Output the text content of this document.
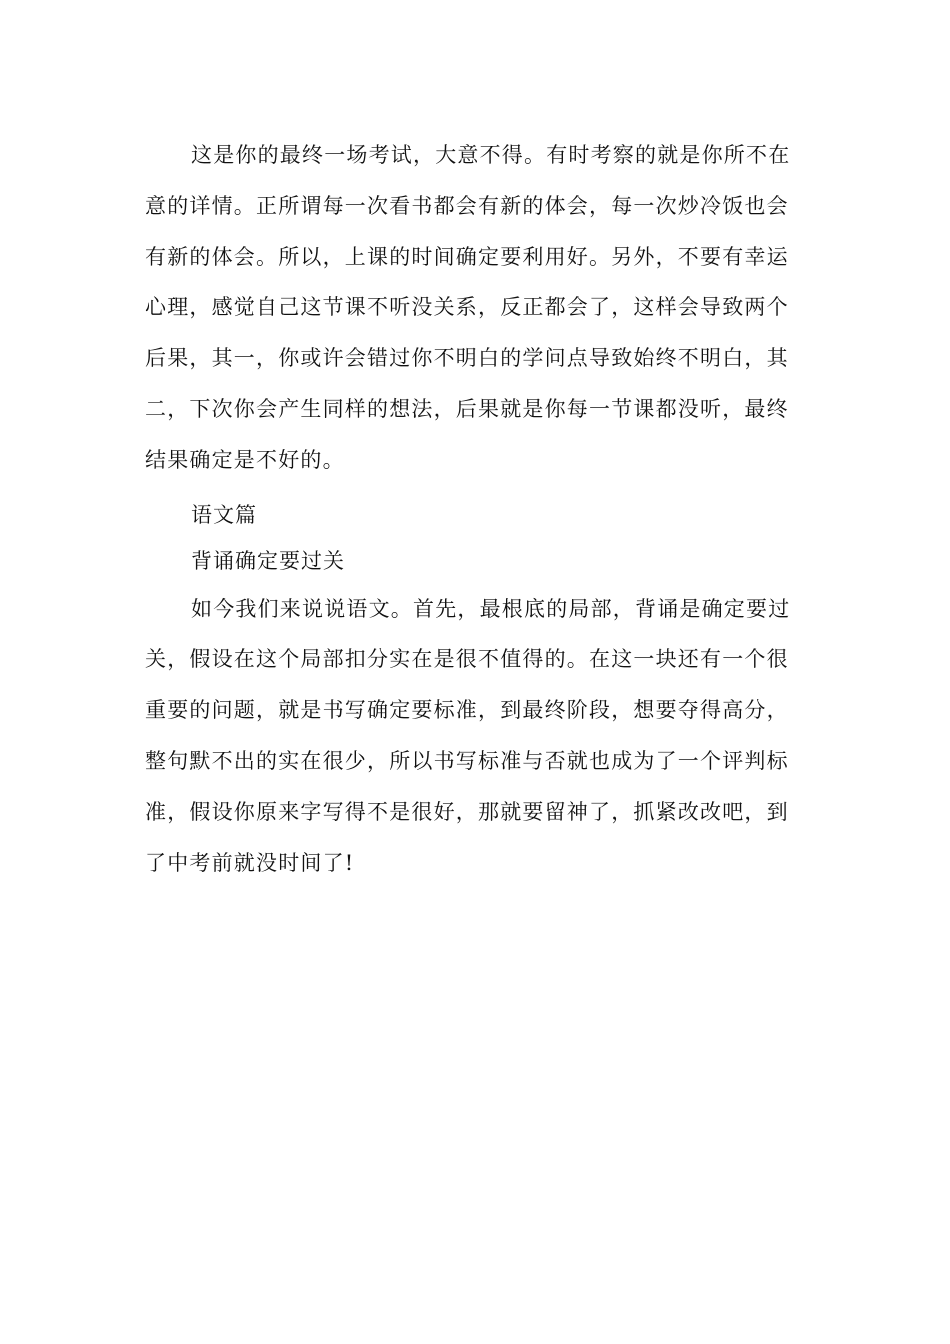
这是你的最终一场考试，大意不得。有时考察的就是你所不在
意的详情。正所谓每一次看书都会有新的体会，每一次炒冷饭也会
有新的体会。所以，上课的时间确定要利用好。另外，不要有幸运
心理，感觉自己这节课不听没关系，反正都会了，这样会导致两个
后果，其一，你或许会错过你不明白的学问点导致始终不明白，其
二，下次你会产生同样的想法，后果就是你每一节课都没听，最终
结果确定是不好的。
语文篇
背诵确定要过关
如今我们来说说语文。首先，最根底的局部，背诵是确定要过
关，假设在这个局部扣分实在是很不值得的。在这一块还有一个很
重要的问题，就是书写确定要标准，到最终阶段，想要夺得高分，
整句默不出的实在很少，所以书写标准与否就也成为了一个评判标
准，假设你原来字写得不是很好，那就要留神了，抓紧改改吧，到
了中考前就没时间了!
